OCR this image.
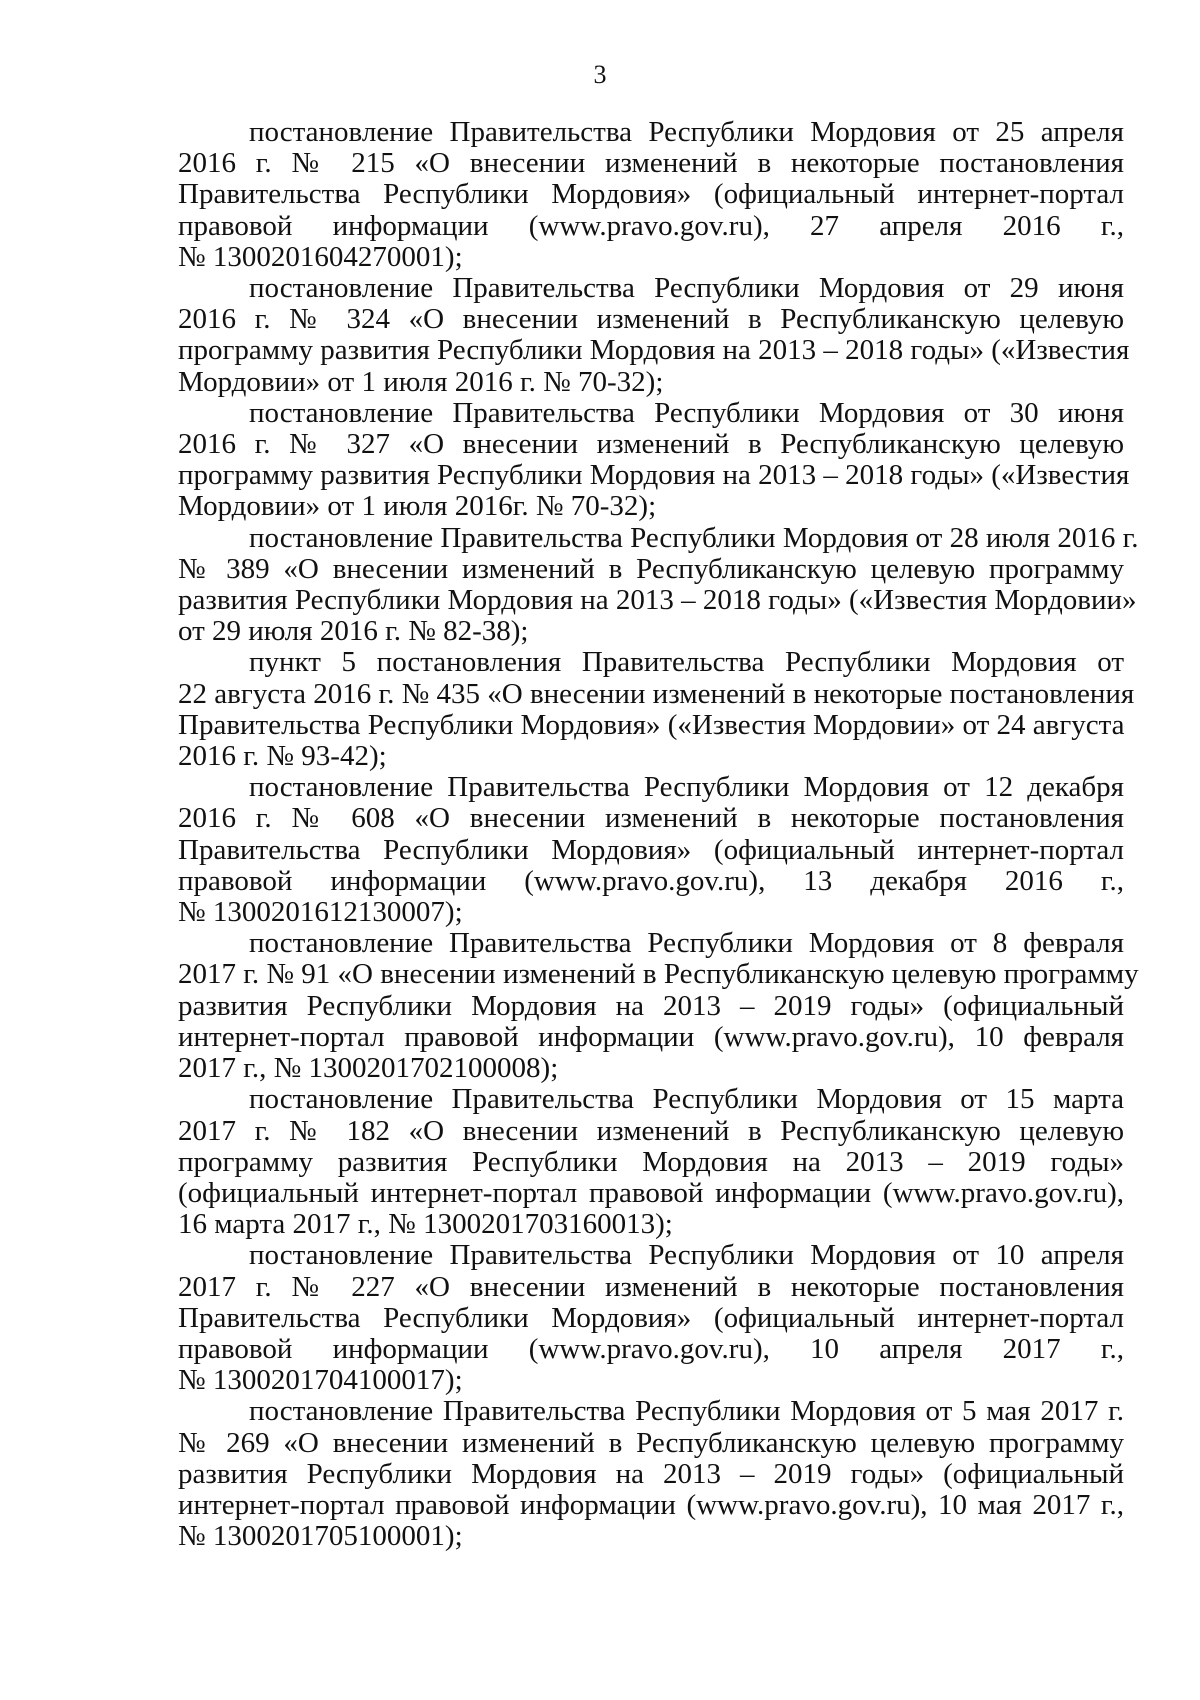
3
постановление Правительства Республики Мордовия от 25 апреля
2016 г. № 215 «О внесении изменений в некоторые постановления
Правительства Республики Мордовия» (официальный интернет-портал
правовой информации (www.pravo.gov.ru), 27 апреля 2016 г.,
№ 1300201604270001);
постановление Правительства Республики Мордовия от 29 июня
2016 г. № 324 «О внесении изменений в Республиканскую целевую
программу развития Республики Мордовия на 2013 – 2018 годы» («Известия
Мордовии» от 1 июля 2016 г. № 70-32);
постановление Правительства Республики Мордовия от 30 июня
2016 г. № 327 «О внесении изменений в Республиканскую целевую
программу развития Республики Мордовия на 2013 – 2018 годы» («Известия
Мордовии» от 1 июля 2016г. № 70-32);
постановление Правительства Республики Мордовия от 28 июля 2016 г.
№ 389 «О внесении изменений в Республиканскую целевую программу
развития Республики Мордовия на 2013 – 2018 годы» («Известия Мордовии»
от 29 июля 2016 г. № 82-38);
пункт 5 постановления Правительства Республики Мордовия от
22 августа 2016 г. № 435 «О внесении изменений в некоторые постановления
Правительства Республики Мордовия» («Известия Мордовии» от 24 августа
2016 г. № 93-42);
постановление Правительства Республики Мордовия от 12 декабря
2016 г. № 608 «О внесении изменений в некоторые постановления
Правительства Республики Мордовия» (официальный интернет-портал
правовой информации (www.pravo.gov.ru), 13 декабря 2016 г.,
№ 1300201612130007);
постановление Правительства Республики Мордовия от 8 февраля
2017 г. № 91 «О внесении изменений в Республиканскую целевую программу
развития Республики Мордовия на 2013 – 2019 годы» (официальный
интернет-портал правовой информации (www.pravo.gov.ru), 10 февраля
2017 г., № 1300201702100008);
постановление Правительства Республики Мордовия от 15 марта
2017 г. № 182 «О внесении изменений в Республиканскую целевую
программу развития Республики Мордовия на 2013 – 2019 годы»
(официальный интернет-портал правовой информации (www.pravo.gov.ru),
16 марта 2017 г., № 1300201703160013);
постановление Правительства Республики Мордовия от 10 апреля
2017 г. № 227 «О внесении изменений в некоторые постановления
Правительства Республики Мордовия» (официальный интернет-портал
правовой информации (www.pravo.gov.ru), 10 апреля 2017 г.,
№ 1300201704100017);
постановление Правительства Республики Мордовия от 5 мая 2017 г.
№ 269 «О внесении изменений в Республиканскую целевую программу
развития Республики Мордовия на 2013 – 2019 годы» (официальный
интернет-портал правовой информации (www.pravo.gov.ru), 10 мая 2017 г.,
№ 1300201705100001);
